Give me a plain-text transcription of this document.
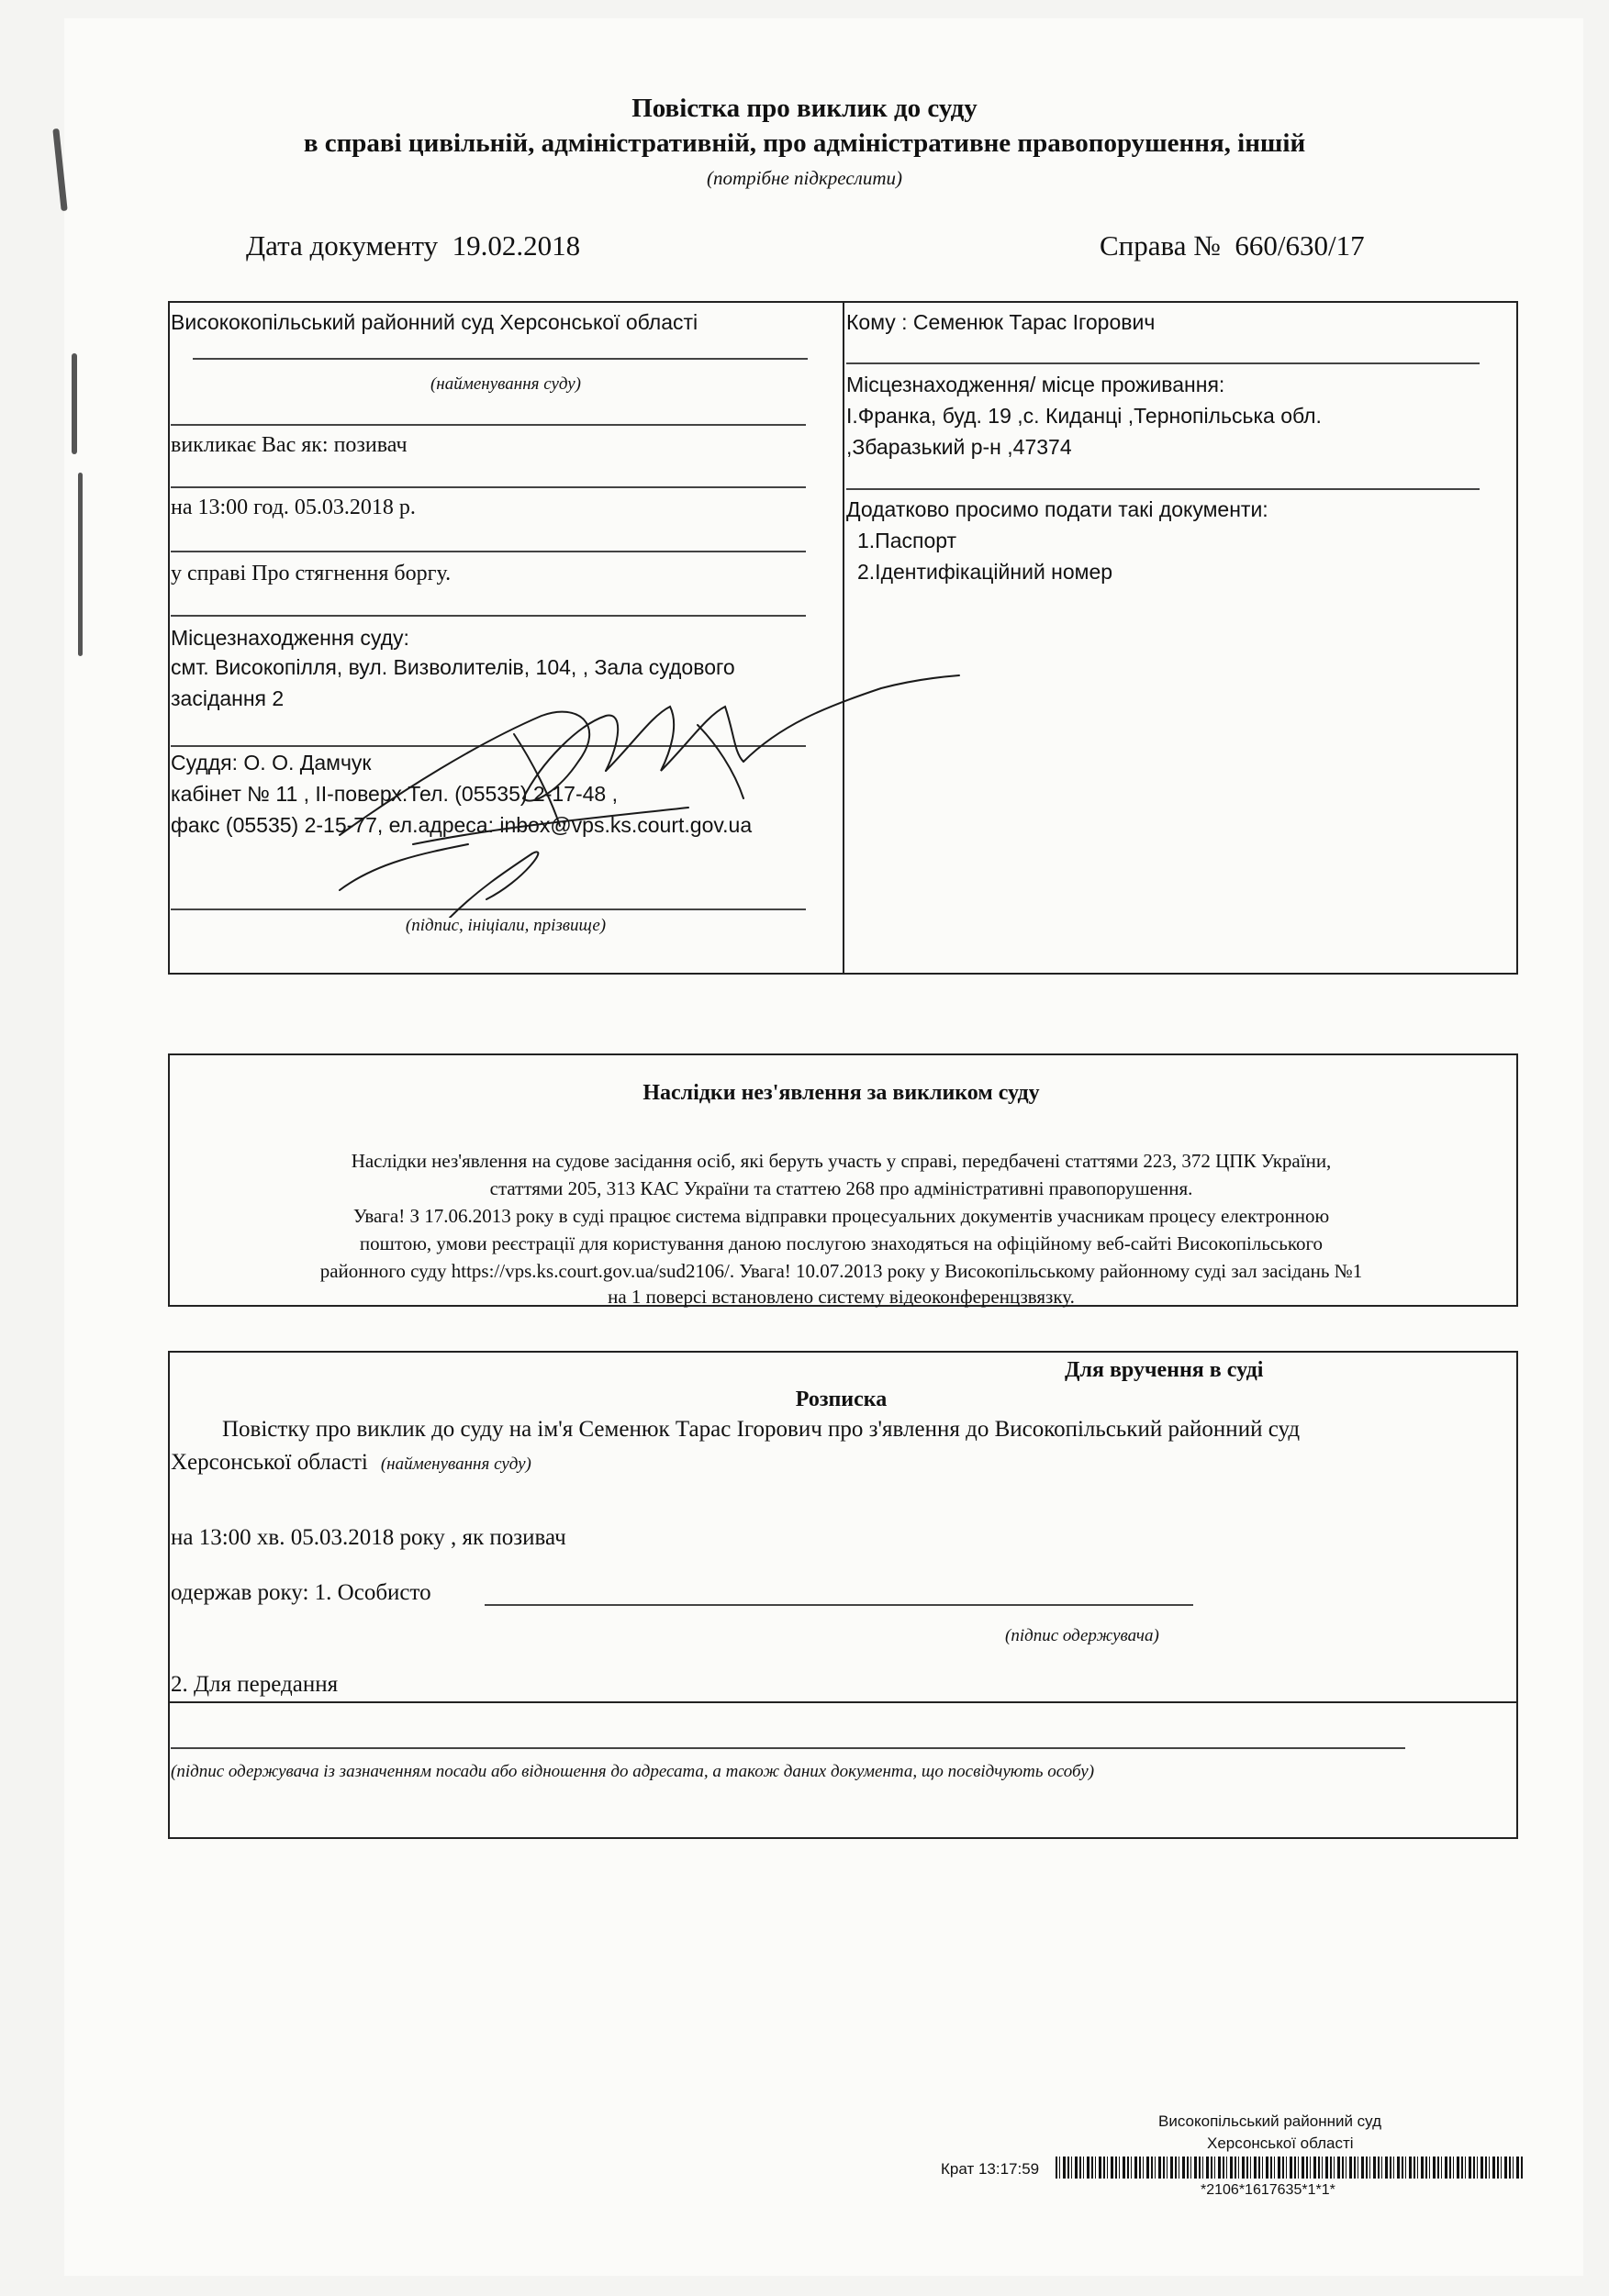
Повістка про виклик до суду
в справі цивільній, адміністративній, про адміністративне правопорушення, іншій
(потрібне підкреслити)
Дата документу 19.02.2018	Справа № 660/630/17
Висококопільський районний суд Херсонської області
(найменування суду)
викликає Вас як: позивач
на 13:00 год. 05.03.2018 р.
у справі Про стягнення боргу.
Місцезнаходження суду:
смт. Високопілля, вул. Визволителів, 104, , Зала судового
засідання 2
Суддя: О. О. Дамчук
кабінет № 11 , ІІ-поверх.Тел. (05535) 2-17-48 ,
факс (05535) 2-15-77, ел.адреса: inbox@vps.ks.court.gov.ua
(підпис, ініціали, прізвище)
Кому : Семенюк Тарас Ігорович
Місцезнаходження/ місце проживання:
І.Франка, буд. 19 ,с. Киданці ,Тернопільська обл.
,Збаразький р-н ,47374
Додатково просимо подати такі документи:
1.Паспорт
2.Ідентифікаційний номер
Наслідки нез'явлення за викликом суду
Наслідки нез'явлення на судове засідання осіб, які беруть участь у справі, передбачені статтями 223, 372 ЦПК України,
статтями 205, 313 КАС України та статтею 268 про адміністративні правопорушення.
Увага! З 17.06.2013 року в суді працює система відправки процесуальних документів учасникам процесу електронною
поштою, умови реєстрації для користування даною послугою знаходяться на офіційному веб-сайті Високопільського
районного суду https://vps.ks.court.gov.ua/sud2106/. Увага! 10.07.2013 року у Високопільському районному суді зал засідань №1
на 1 поверсі встановлено систему відеоконференцзвязку.
Для вручення в суді
Розписка
Повістку про виклик до суду на ім'я Семенюк Тарас Ігорович про з'явлення до Високопільський районний суд
Херсонської області (найменування суду)
на 13:00 хв. 05.03.2018 року , як позивач
одержав року: 1. Особисто
(підпис одержувача)
2. Для передання
(підпис одержувача із зазначенням посади або відношення до адресата, а також даних документа, що посвідчують особу)
Високопільський районний суд
Херсонської області
Крат 13:17:59
*2106*1617635*1*1*
